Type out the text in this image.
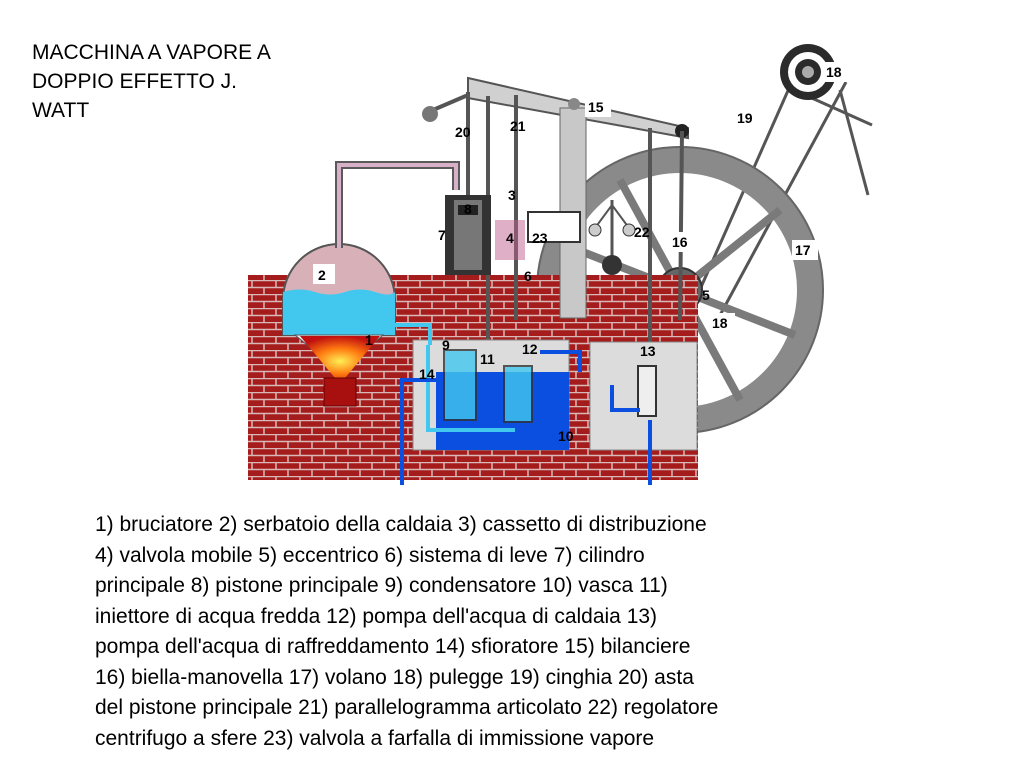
MACCHINA A VAPORE A
DOPPIO EFFETTO J.
WATT
1
2
3
4
5
6
7
8
9
10
11
12	13
14
15
16	17
18
18
19
20	21
22
23
1) bruciatore 2) serbatoio della caldaia 3) cassetto di distribuzione
4) valvola mobile 5) eccentrico 6) sistema di leve 7) cilindro
principale 8) pistone principale 9) condensatore 10) vasca 11)
iniettore di acqua fredda 12) pompa dell'acqua di caldaia 13)
pompa dell'acqua di raffreddamento 14) sfioratore 15) bilanciere
16) biella-manovella 17) volano 18) pulegge 19) cinghia 20) asta
del pistone principale 21) parallelogramma articolato 22) regolatore
centrifugo a sfere 23) valvola a farfalla di immissione vapore
